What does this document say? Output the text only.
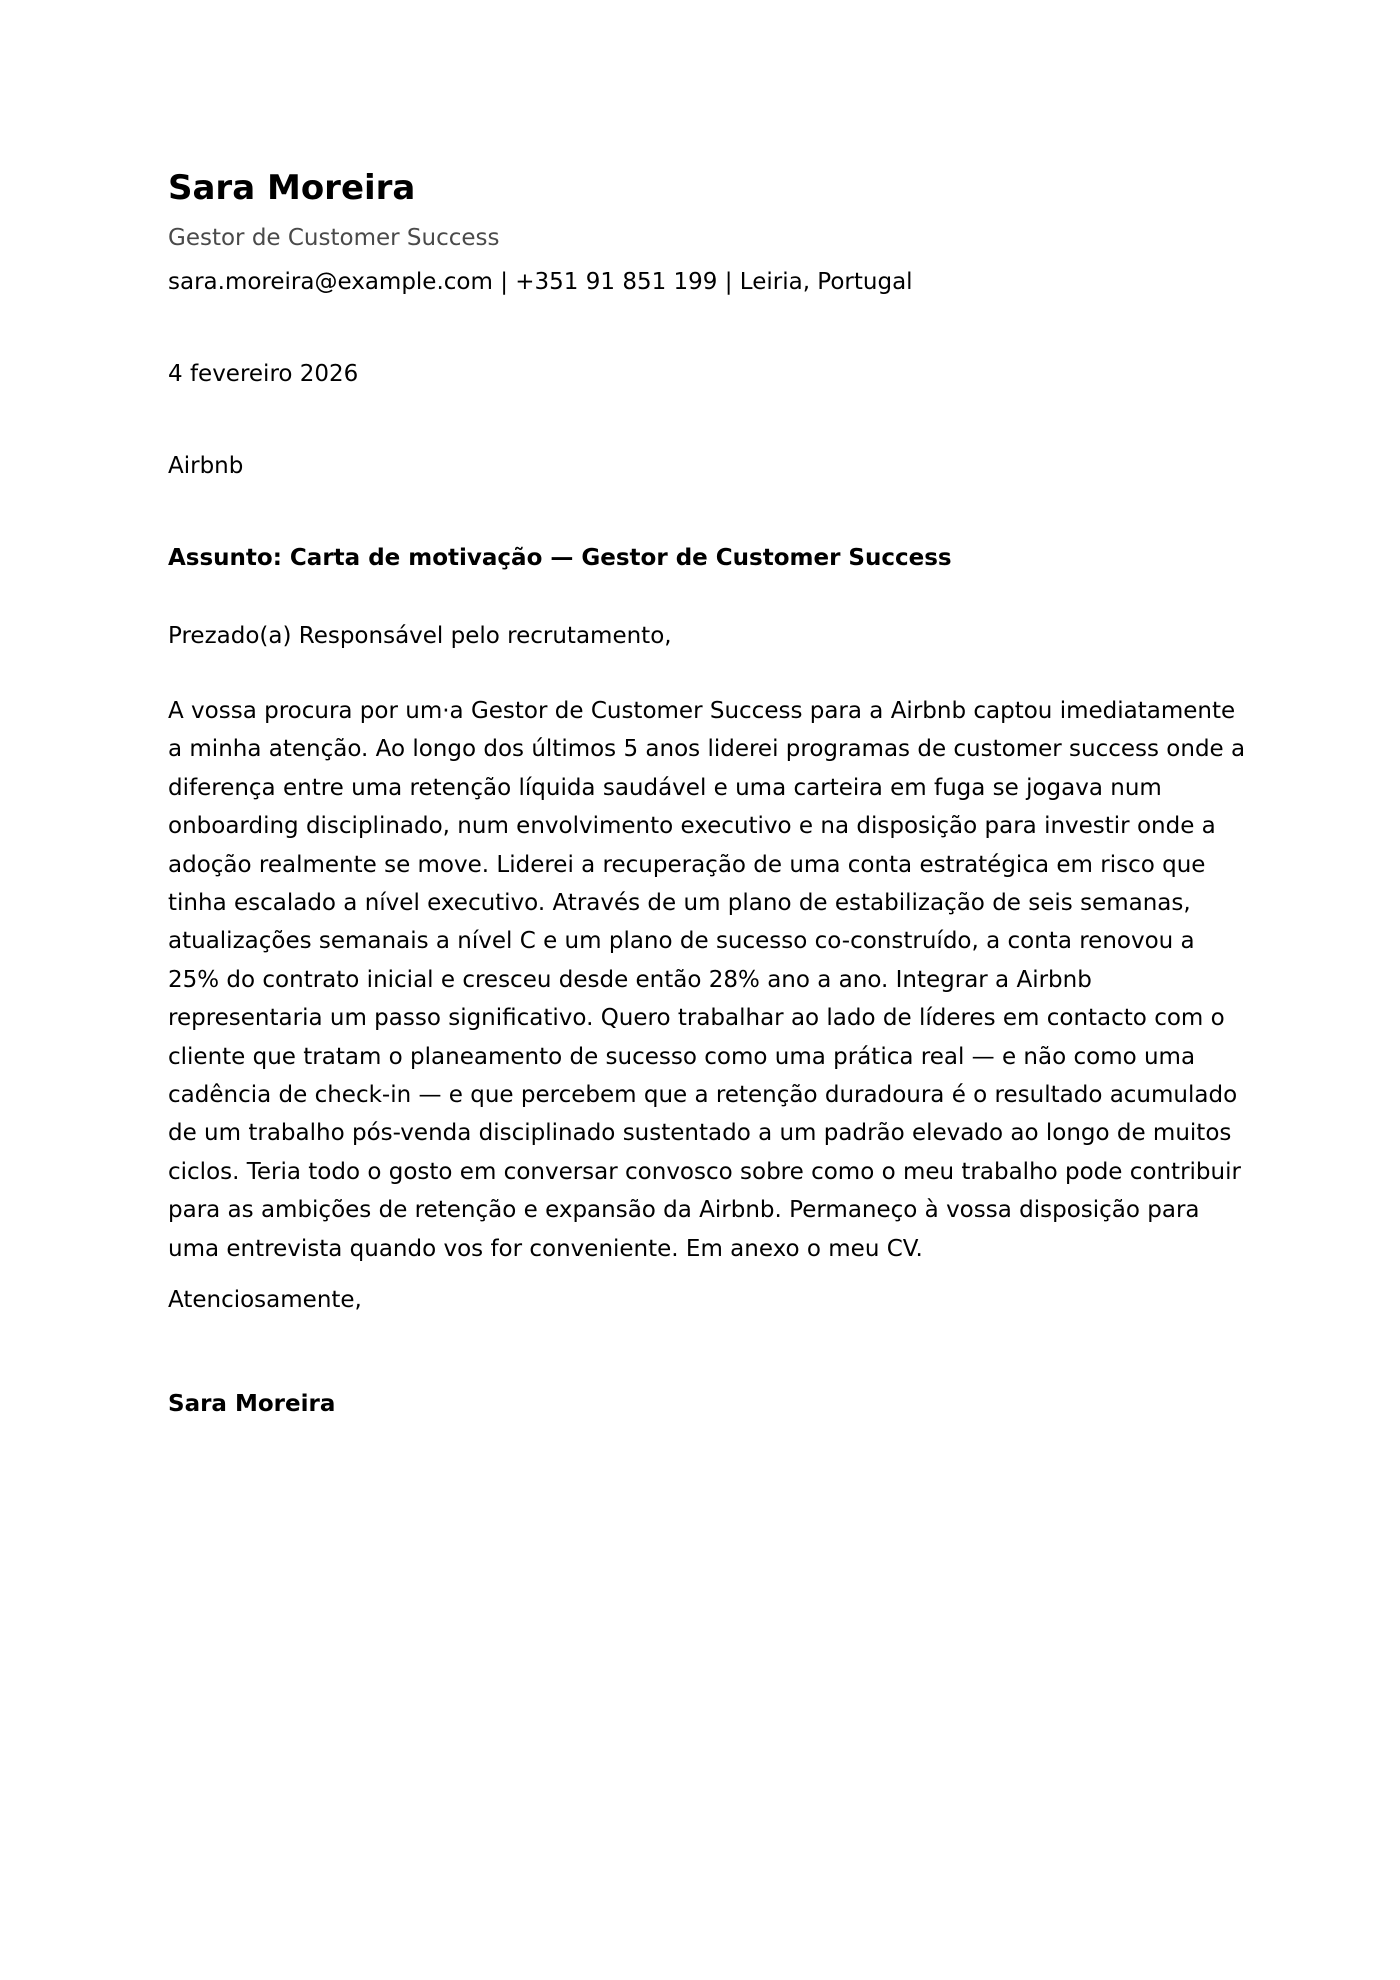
Sara Moreira
Gestor de Customer Success
sara.moreira@example.com | +351 91 851 199 | Leiria, Portugal
4 fevereiro 2026
Airbnb
Assunto: Carta de motivação — Gestor de Customer Success
Prezado(a) Responsável pelo recrutamento,

A vossa procura por um·a Gestor de Customer Success para a Airbnb captou imediatamente a minha atenção. Ao longo dos últimos 5 anos liderei programas de customer success onde a diferença entre uma retenção líquida saudável e uma carteira em fuga se jogava num onboarding disciplinado, num envolvimento executivo e na disposição para investir onde a adoção realmente se move. Liderei a recuperação de uma conta estratégica em risco que tinha escalado a nível executivo. Através de um plano de estabilização de seis semanas, atualizações semanais a nível C e um plano de sucesso co-construído, a conta renovou a 25% do contrato inicial e cresceu desde então 28% ano a ano. Integrar a Airbnb representaria um passo significativo. Quero trabalhar ao lado de líderes em contacto com o cliente que tratam o planeamento de sucesso como uma prática real — e não como uma cadência de check-in — e que percebem que a retenção duradoura é o resultado acumulado de um trabalho pós-venda disciplinado sustentado a um padrão elevado ao longo de muitos ciclos. Teria todo o gosto em conversar convosco sobre como o meu trabalho pode contribuir para as ambições de retenção e expansão da Airbnb. Permaneço à vossa disposição para uma entrevista quando vos for conveniente. Em anexo o meu CV.

Atenciosamente,
Sara Moreira
